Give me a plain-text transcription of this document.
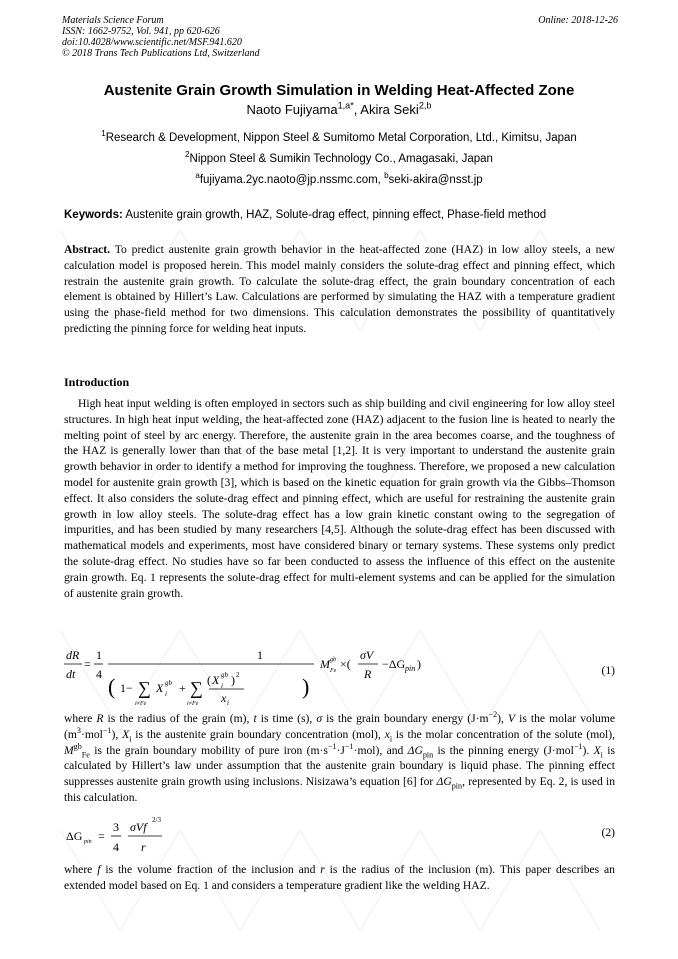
Materials Science Forum
ISSN: 1662-9752, Vol. 941, pp 620-626
doi:10.4028/www.scientific.net/MSF.941.620
© 2018 Trans Tech Publications Ltd, Switzerland
Online: 2018-12-26
Austenite Grain Growth Simulation in Welding Heat-Affected Zone
Naoto Fujiyama$^{1,a*}$, Akira Seki$^{2,b}$
$^1$Research & Development, Nippon Steel & Sumitomo Metal Corporation, Ltd., Kimitsu, Japan
$^2$Nippon Steel & Sumikin Technology Co., Amagasaki, Japan
$^a$fujiyama.2yc.naoto@jp.nssmc.com, $^b$seki-akira@nsst.jp
Keywords: Austenite grain growth, HAZ, Solute-drag effect, pinning effect, Phase-field method
Abstract. To predict austenite grain growth behavior in the heat-affected zone (HAZ) in low alloy steels, a new calculation model is proposed herein. This model mainly considers the solute-drag effect and pinning effect, which restrain the austenite grain growth. To calculate the solute-drag effect, the grain boundary concentration of each element is obtained by Hillert’s Law. Calculations are performed by simulating the HAZ with a temperature gradient using the phase-field method for two dimensions. This calculation demonstrates the possibility of quantitatively predicting the pinning force for welding heat inputs.
Introduction
High heat input welding is often employed in sectors such as ship building and civil engineering for low alloy steel structures. In high heat input welding, the heat-affected zone (HAZ) adjacent to the fusion line is heated to nearly the melting point of steel by arc energy. Therefore, the austenite grain in the area becomes coarse, and the toughness of the HAZ is generally lower than that of the base metal [1,2]. It is very important to understand the austenite grain growth behavior in order to identify a method for improving the toughness. Therefore, we proposed a new calculation model for austenite grain growth [3], which is based on the kinetic equation for grain growth via the Gibbs–Thomson effect. It also considers the solute-drag effect and pinning effect, which are useful for restraining the austenite grain growth in low alloy steels. The solute-drag effect has a low grain kinetic constant owing to the segregation of impurities, and has been studied by many researchers [4,5]. Although the solute-drag effect has been discussed with mathematical models and experiments, most have considered binary or ternary systems. These systems only predict the solute-drag effect. No studies have so far been conducted to assess the influence of this effect on the austenite grain growth. Eq. 1 represents the solute-drag effect for multi-element systems and can be applied for the simulation of austenite grain growth.
dR
dt
=
1
4
1
( 1− ∑
i≠Fe
X gb
i + ∑
i≠Fe
( X gb
i ) 2
x i
)
M gb
Fe ×(
σV
R
−ΔG pin )	(1)
where R is the radius of the grain (m), t is time (s), σ is the grain boundary energy $(J\cdot m^{-2})$, V is the molar volume $(m^3\cdot mol^{-1})$, $X_i$ is the austenite grain boundary concentration (mol), $x_i$ is the molar concentration of the solute (mol), $M^{gb}_{Fe}$ is the grain boundary mobility of pure iron $(m\cdot s^{-1}\cdot J^{-1}\cdot mol)$, and $\Delta G_{pin}$ is the pinning energy (J·mol$^{-1}$). $X_i$ is calculated by Hillert’s law under assumption that the austenite grain boundary is liquid phase. The pinning effect suppresses austenite grain growth using inclusions. Nisizawa’s equation [6] for $\Delta G_{pin}$, represented by Eq. 2, is used in this calculation.
ΔG pin =
3
4
σVf 2/3
r
(2)
where f is the volume fraction of the inclusion and r is the radius of the inclusion (m). This paper describes an extended model based on Eq. 1 and considers a temperature gradient like the welding HAZ.
